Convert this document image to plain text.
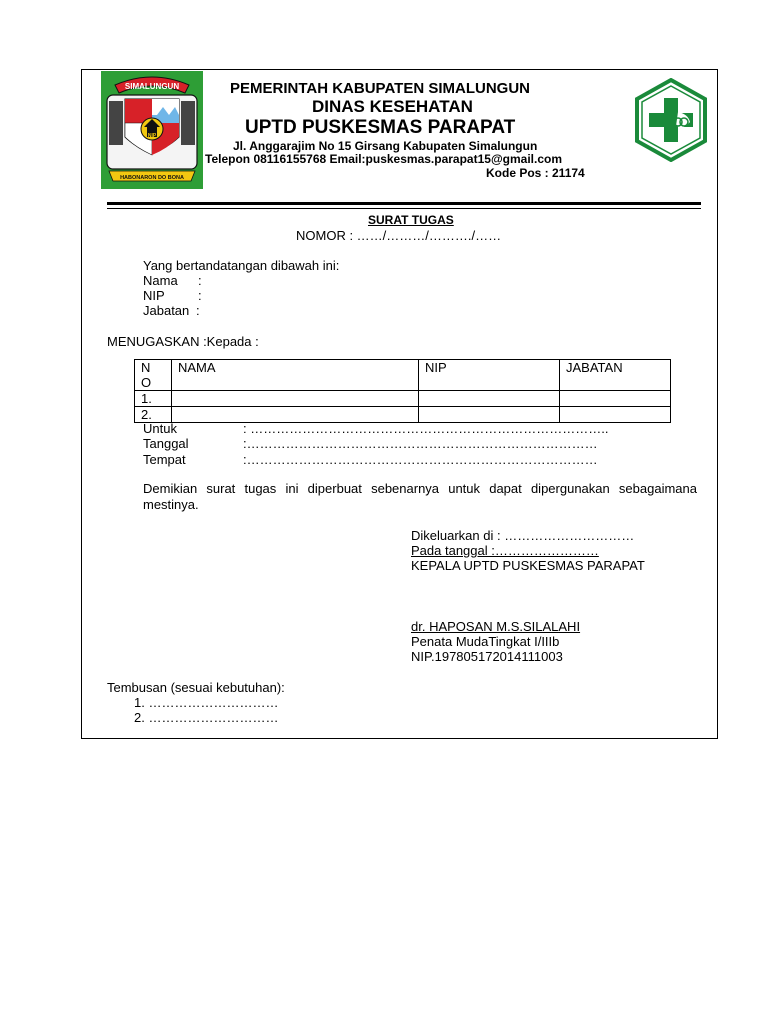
SIMALUNGUN
NIP
HABONARON DO BONA
PEMERINTAH KABUPATEN SIMALUNGUN
DINAS KESEHATAN
UPTD PUSKESMAS PARAPAT
Jl. Anggarajim No 15 Girsang Kabupaten Simalungun
Telepon 08116155768 Email:puskesmas.parapat15@gmail.com
Kode Pos : 21174
SURAT TUGAS
NOMOR : ……/………/………./……
Yang bertandatangan dibawah ini:
Nama :
NIP	:
Jabatan :
MENUGASKAN :Kepada :
N
O	NAMA	NIP	JABATAN
1.			
2.			
Untuk	: ………………………………………………………………………..
Tanggal	:………………………………………………………………………
Tempat	:………………………………………………………………………
Demikian surat tugas ini diperbuat sebenarnya untuk dapat dipergunakan sebagaimana mestinya.
Dikeluarkan di : …………………………
Pada tanggal :……………………
KEPALA UPTD PUSKESMAS PARAPAT
dr. HAPOSAN M.S.SILALAHI
Penata MudaTingkat I/IIIb
NIP.197805172014111003
Tembusan (sesuai kebutuhan):
1. …………………………
2. …………………………
